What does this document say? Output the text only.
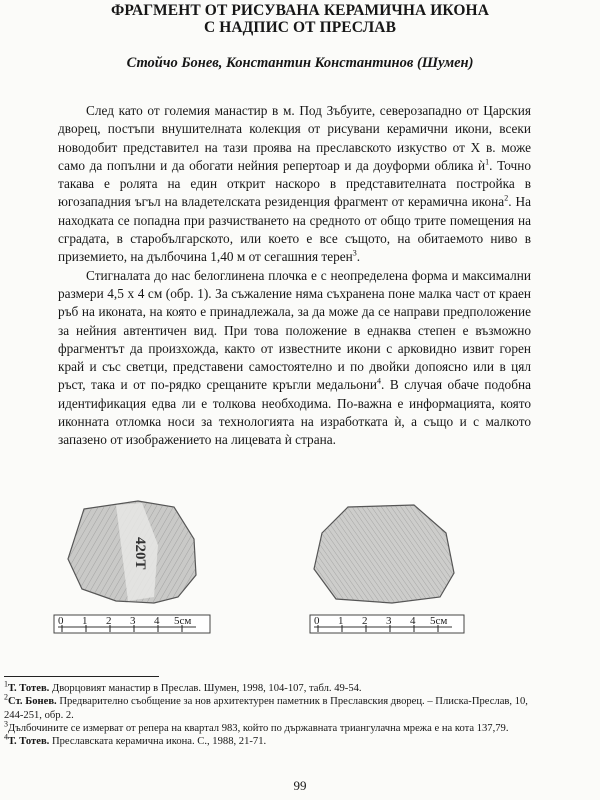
ФРАГМЕНТ ОТ РИСУВАНА КЕРАМИЧНА ИКОНА
С НАДПИС ОТ ПРЕСЛАВ
Стойчо Бонев, Константин Константинов (Шумен)

След като от големия манастир в м. Под Зъбуите, северозападно от Царския дворец, постъпи внушителната колекция от рисувани керамични икони, всеки новодобит представител на тази проява на преславското изкуство от X в. може само да попълни и да обогати нейния репертоар и да доуформи облика $ѝ^1$. Точно такава е ролята на един открит наскоро в представителната постройка в югозападния ъгъл на владетелската резиденция фрагмент от керамична икона$^2$. На находката се попадна при разчистването на средното от общо трите помещения на сградата, в старобългарското, или което е все същото, на обитаемото ниво в приземието, на дълбочина 1,40 м от сегашния терен$^3$.

Стигналата до нас белоглинена плочка е с неопределена форма и максимални размери 4,5 x 4 см (обр. 1). За съжаление няма съхранена поне малка част от краен ръб на иконата, на която е принадлежала, за да може да се направи предположение за нейния автентичен вид. При това положение в еднаква степен е възможно фрагментът да произхожда, както от известните икони с арковидно извит горен край и със светци, представени самостоятелно и по двойки допоясно или в цял ръст, така и от по-рядко срещаните кръгли медальони$^4$. В случая обаче подобна идентификация едва ли е толкова необходима. По-важна е информацията, която иконната отломка носи за технологията на изработката ѝ, а също и с малкото запазено от изображението на лицевата ѝ страна.

420Т
0 1 2 3 4 5см	0 1 2 3 4 5см

$^1$Т. Тотев. Дворцовият манастир в Преслав. Шумен, 1998, 104-107, табл. 49-54.

$^2$Ст. Бонев. Предварително съобщение за нов архитектурен паметник в Преславския дворец. – Плиска-Преслав, 10, 244-251, обр. 2.

$^3$Дълбочините се измерват от репера на квартал 983, който по държавната триангулачна мрежа е на кота 137,79.

$^4$Т. Тотев. Преславската керамична икона. С., 1988, 21-71.

99
